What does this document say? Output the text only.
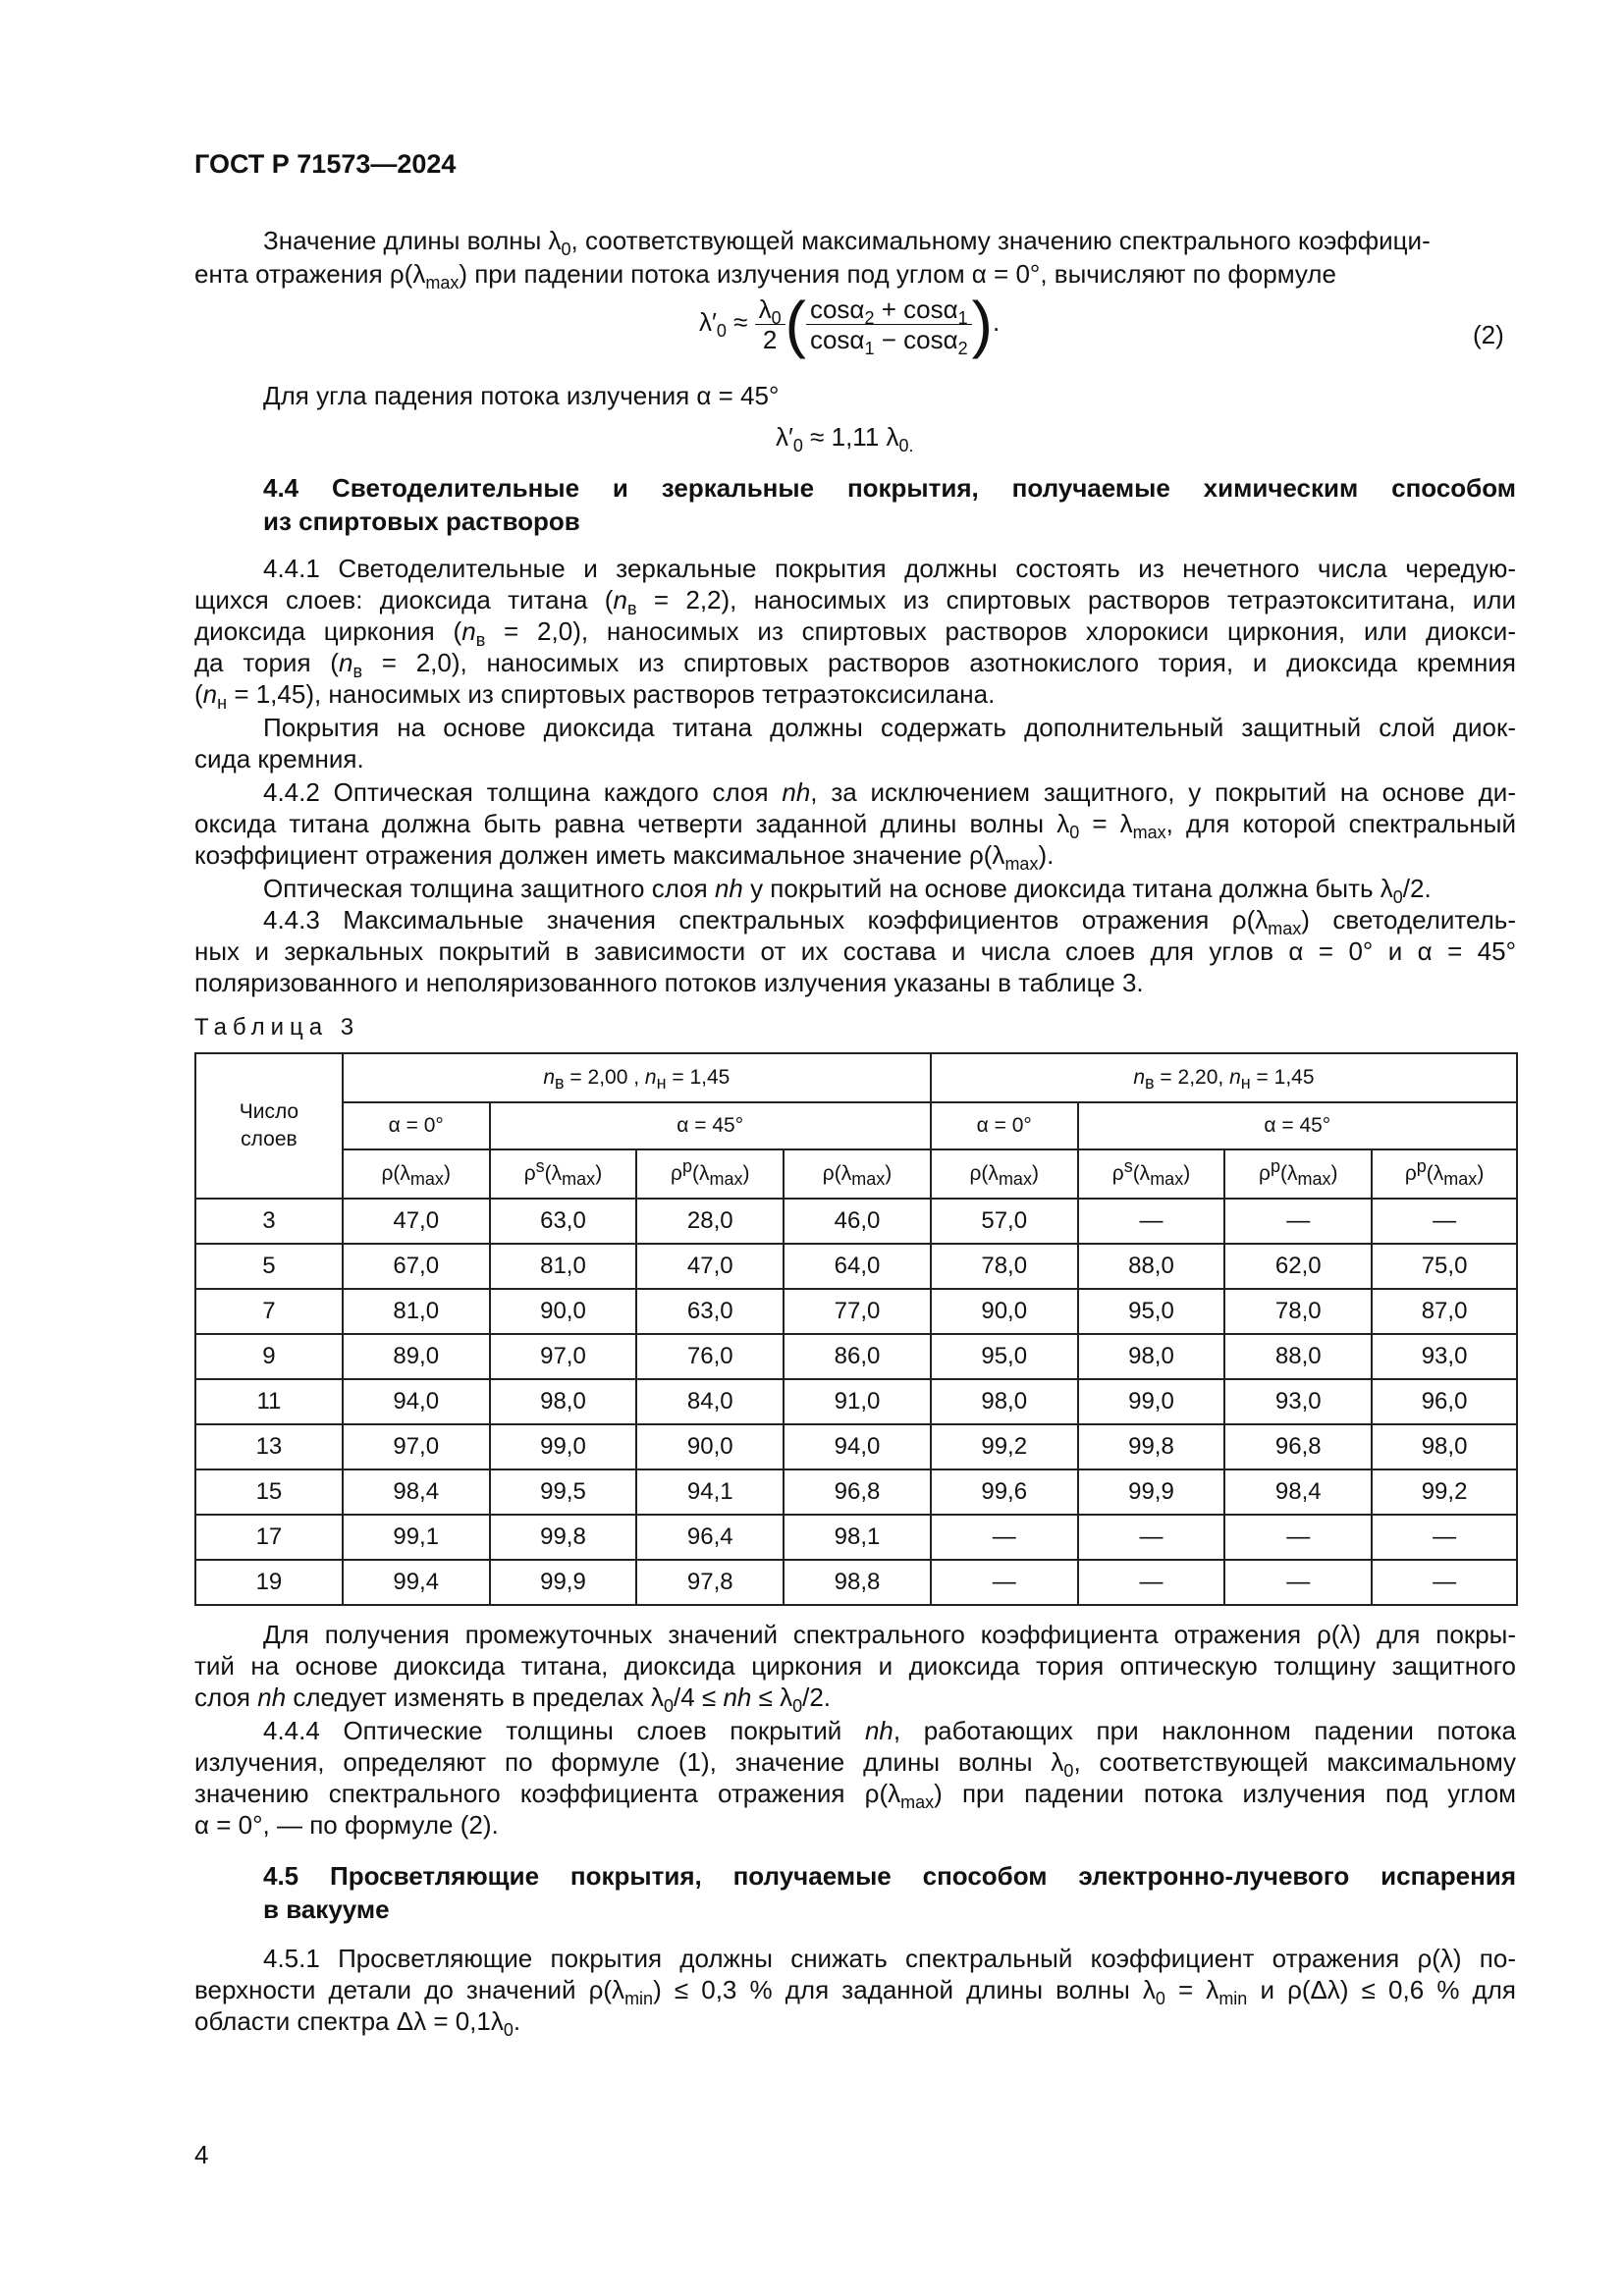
ГОСТ Р 71573—2024
Значение длины волны $\lambda_0$, соответствующей максимальному значению спектрального коэффици-
ента отражения $\rho(\lambda_{max})$ при падении потока излучения под углом α = 0°, вычисляют по формуле
$\lambda'_0 \approx \frac{\lambda_0}{2}$ ( $\frac{\cos\alpha_2 + \cos\alpha_1}{\cos\alpha_1 - \cos\alpha_2}$ ).	(2)
Для угла падения потока излучения α = 45°
$\lambda'_0 \approx 1,11$ $\lambda_{0.}$
4.4 Светоделительные и зеркальные покрытия, получаемые химическим способом
из спиртовых растворов
4.4.1 Светоделительные и зеркальные покрытия должны состоять из нечетного числа чередую-
щихся слоев: диоксида титана $(n_в = 2,2)$, наносимых из спиртовых растворов тетраэтоксититана, или
диоксида циркония $(n_в = 2,0)$, наносимых из спиртовых растворов хлорокиси циркония, или диокси-
да тория $(n_в = 2,0)$, наносимых из спиртовых растворов азотнокислого тория, и диоксида кремния
$(n_н = 1,45)$, наносимых из спиртовых растворов тетраэтоксисилана.
Покрытия на основе диоксида титана должны содержать дополнительный защитный слой диок-
сида кремния.
4.4.2 Оптическая толщина каждого слоя nh, за исключением защитного, у покрытий на основе ди-
оксида титана должна быть равна четверти заданной длины волны $\lambda_0 = \lambda_{max}$, для которой спектральный
коэффициент отражения должен иметь максимальное значение $\rho(\lambda_{max})$.
Оптическая толщина защитного слоя nh у покрытий на основе диоксида титана должна быть $\lambda_0/2$.
4.4.3 Максимальные значения спектральных коэффициентов отражения $\rho(\lambda_{max})$ светоделитель-
ных и зеркальных покрытий в зависимости от их состава и числа слоев для углов α = 0° и α = 45°
поляризованного и неполяризованного потоков излучения указаны в таблице 3.
Таблица 3
Число слоев	$n_в = 2,00$ , $n_н = 1,45$				$n_в = 2,20$, $n_н = 1,45$			
	α = 0°	α = 45°			α = 0°	α = 45°		
	$\rho(\lambda_{max})$	$\rho^s(\lambda_{max})$	$\rho^p(\lambda_{max})$	$\rho(\lambda_{max})$	$\rho(\lambda_{max})$	$\rho^s(\lambda_{max})$	$\rho^p(\lambda_{max})$	$\rho^p(\lambda_{max})$
3	47,0	63,0	28,0	46,0	57,0	—	—	—
5	67,0	81,0	47,0	64,0	78,0	88,0	62,0	75,0
7	81,0	90,0	63,0	77,0	90,0	95,0	78,0	87,0
9	89,0	97,0	76,0	86,0	95,0	98,0	88,0	93,0
11	94,0	98,0	84,0	91,0	98,0	99,0	93,0	96,0
13	97,0	99,0	90,0	94,0	99,2	99,8	96,8	98,0
15	98,4	99,5	94,1	96,8	99,6	99,9	98,4	99,2
17	99,1	99,8	96,4	98,1	—	—	—	—
19	99,4	99,9	97,8	98,8	—	—	—	—
Для получения промежуточных значений спектрального коэффициента отражения ρ(λ) для покры-
тий на основе диоксида титана, диоксида циркония и диоксида тория оптическую толщину защитного
слоя nh следует изменять в пределах $\lambda_0/4$ ≤ nh ≤ $\lambda_0/2$.
4.4.4 Оптические толщины слоев покрытий nh, работающих при наклонном падении потока
излучения, определяют по формуле (1), значение длины волны $\lambda_0$, соответствующей максимальному
значению спектрального коэффициента отражения $\rho(\lambda_{max})$ при падении потока излучения под углом
α = 0°, — по формуле (2).
4.5 Просветляющие покрытия, получаемые способом электронно-лучевого испарения
в вакууме
4.5.1 Просветляющие покрытия должны снижать спектральный коэффициент отражения ρ(λ) по-
верхности детали до значений $\rho(\lambda_{min}) \le 0,3$ % для заданной длины волны $\lambda_0 = \lambda_{min}$ и ρ(Δλ) ≤ 0,6 % для
области спектра $\Delta\lambda = 0,1\lambda_0$.
4
